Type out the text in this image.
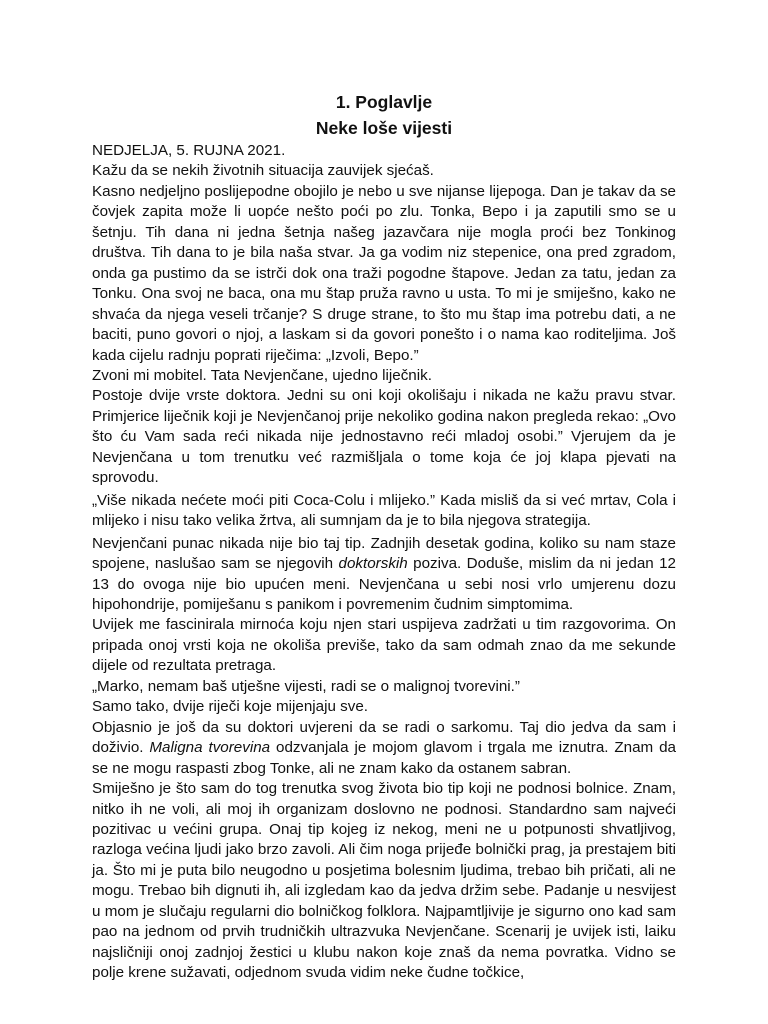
1. Poglavlje

Neke loše vijesti

NEDJELJA, 5. RUJNA 2021.

Kažu da se nekih životnih situacija zauvijek sjećaš.

Kasno nedjeljno poslijepodne obojilo je nebo u sve nijanse lijepoga. Dan je takav da se čovjek zapita može li uopće nešto poći po zlu. Tonka, Bepo i ja zaputili smo se u šetnju. Tih dana ni jedna šetnja našeg jazavčara nije mogla proći bez Tonkinog društva. Tih dana to je bila naša stvar. Ja ga vodim niz stepenice, ona pred zgradom, onda ga pustimo da se istrči dok ona traži pogodne štapove. Jedan za tatu, jedan za Tonku. Ona svoj ne baca, ona mu štap pruža ravno u usta. To mi je smiješno, kako ne shvaća da njega veseli trčanje? S druge strane, to što mu štap ima potrebu dati, a ne baciti, puno govori o njoj, a laskam si da govori ponešto i o nama kao roditeljima. Još kada cijelu radnju poprati riječima: „Izvoli, Bepo.”

Zvoni mi mobitel. Tata Nevjenčane, ujedno liječnik.

Postoje dvije vrste doktora. Jedni su oni koji okolišaju i nikada ne kažu pravu stvar. Primjerice liječnik koji je Nevjenčanoj prije nekoliko godina nakon pregleda rekao: „Ovo što ću Vam sada reći nikada nije jednostavno reći mladoj osobi.” Vjerujem da je Nevjenčana u tom trenutku već razmišljala o tome koja će joj klapa pjevati na sprovodu.

„Više nikada nećete moći piti Coca-Colu i mlijeko.” Kada misliš da si već mrtav, Cola i mlijeko i nisu tako velika žrtva, ali sumnjam da je to bila njegova strategija.

Nevjenčani punac nikada nije bio taj tip. Zadnjih desetak godina, koliko su nam staze spojene, naslušao sam se njegovih doktorskih poziva. Doduše, mislim da ni jedan 12 13 do ovoga nije bio upućen meni. Nevjenčana u sebi nosi vrlo umjerenu dozu hipohondrije, pomiješanu s panikom i povremenim čudnim simptomima.

Uvijek me fascinirala mirnoća koju njen stari uspijeva zadržati u tim razgovorima. On pripada onoj vrsti koja ne okoliša previše, tako da sam odmah znao da me sekunde dijele od rezultata pretraga.

„Marko, nemam baš utješne vijesti, radi se o malignoj tvorevini.”

Samo tako, dvije riječi koje mijenjaju sve.

Objasnio je još da su doktori uvjereni da se radi o sarkomu. Taj dio jedva da sam i doživio. Maligna tvorevina odzvanjala je mojom glavom i trgala me iznutra. Znam da se ne mogu raspasti zbog Tonke, ali ne znam kako da ostanem sabran.

Smiješno je što sam do tog trenutka svog života bio tip koji ne podnosi bolnice. Znam, nitko ih ne voli, ali moj ih organizam doslovno ne podnosi. Standardno sam najveći pozitivac u većini grupa. Onaj tip kojeg iz nekog, meni ne u potpunosti shvatljivog, razloga većina ljudi jako brzo zavoli. Ali čim noga prijeđe bolnički prag, ja prestajem biti ja. Što mi je puta bilo neugodno u posjetima bolesnim ljudima, trebao bih pričati, ali ne mogu. Trebao bih dignuti ih, ali izgledam kao da jedva držim sebe. Padanje u nesvijest u mom je slučaju regularni dio bolničkog folklora. Najpamtljivije je sigurno ono kad sam pao na jednom od prvih trudničkih ultrazvuka Nevjenčane. Scenarij je uvijek isti, laiku najsličniji onoj zadnjoj žestici u klubu nakon koje znaš da nema povratka. Vidno se polje krene sužavati, odjednom svuda vidim neke čudne točkice,
